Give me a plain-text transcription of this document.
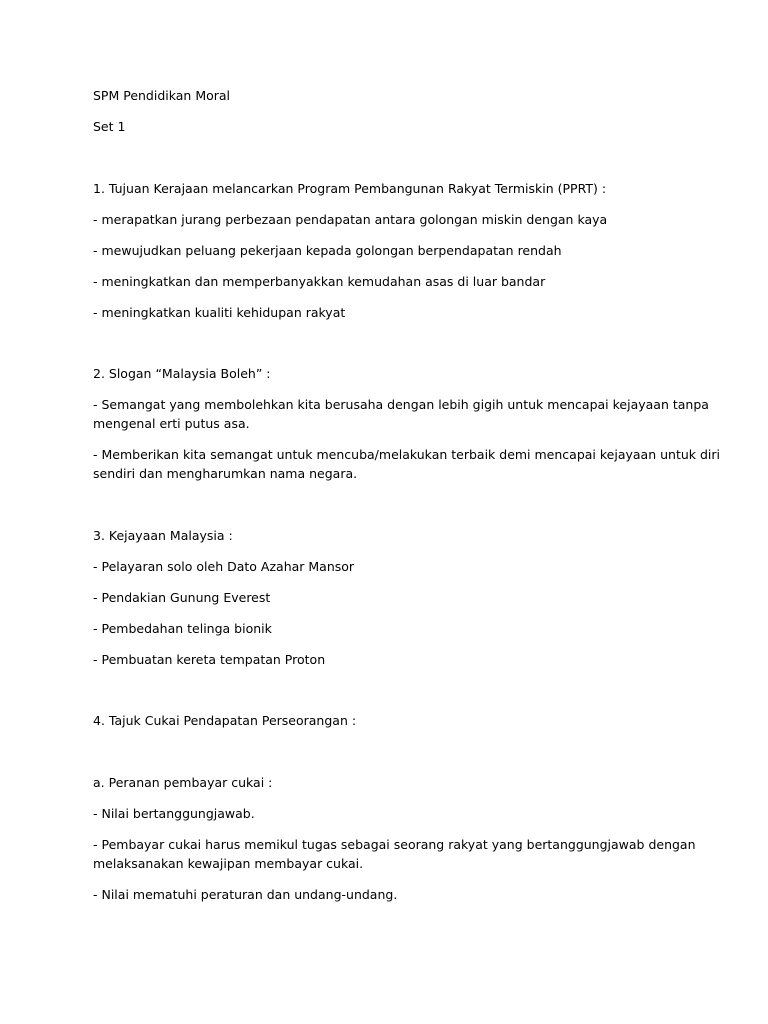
SPM Pendidikan Moral
Set 1
1. Tujuan Kerajaan melancarkan Program Pembangunan Rakyat Termiskin (PPRT) :
- merapatkan jurang perbezaan pendapatan antara golongan miskin dengan kaya
- mewujudkan peluang pekerjaan kepada golongan berpendapatan rendah
- meningkatkan dan memperbanyakkan kemudahan asas di luar bandar
- meningkatkan kualiti kehidupan rakyat
2. Slogan “Malaysia Boleh” :
- Semangat yang membolehkan kita berusaha dengan lebih gigih untuk mencapai kejayaan tanpa
mengenal erti putus asa.
- Memberikan kita semangat untuk mencuba/melakukan terbaik demi mencapai kejayaan untuk diri
sendiri dan mengharumkan nama negara.
3. Kejayaan Malaysia :
- Pelayaran solo oleh Dato Azahar Mansor
- Pendakian Gunung Everest
- Pembedahan telinga bionik
- Pembuatan kereta tempatan Proton
4. Tajuk Cukai Pendapatan Perseorangan :
a. Peranan pembayar cukai :
- Nilai bertanggungjawab.
- Pembayar cukai harus memikul tugas sebagai seorang rakyat yang bertanggungjawab dengan
melaksanakan kewajipan membayar cukai.
- Nilai mematuhi peraturan dan undang-undang.
